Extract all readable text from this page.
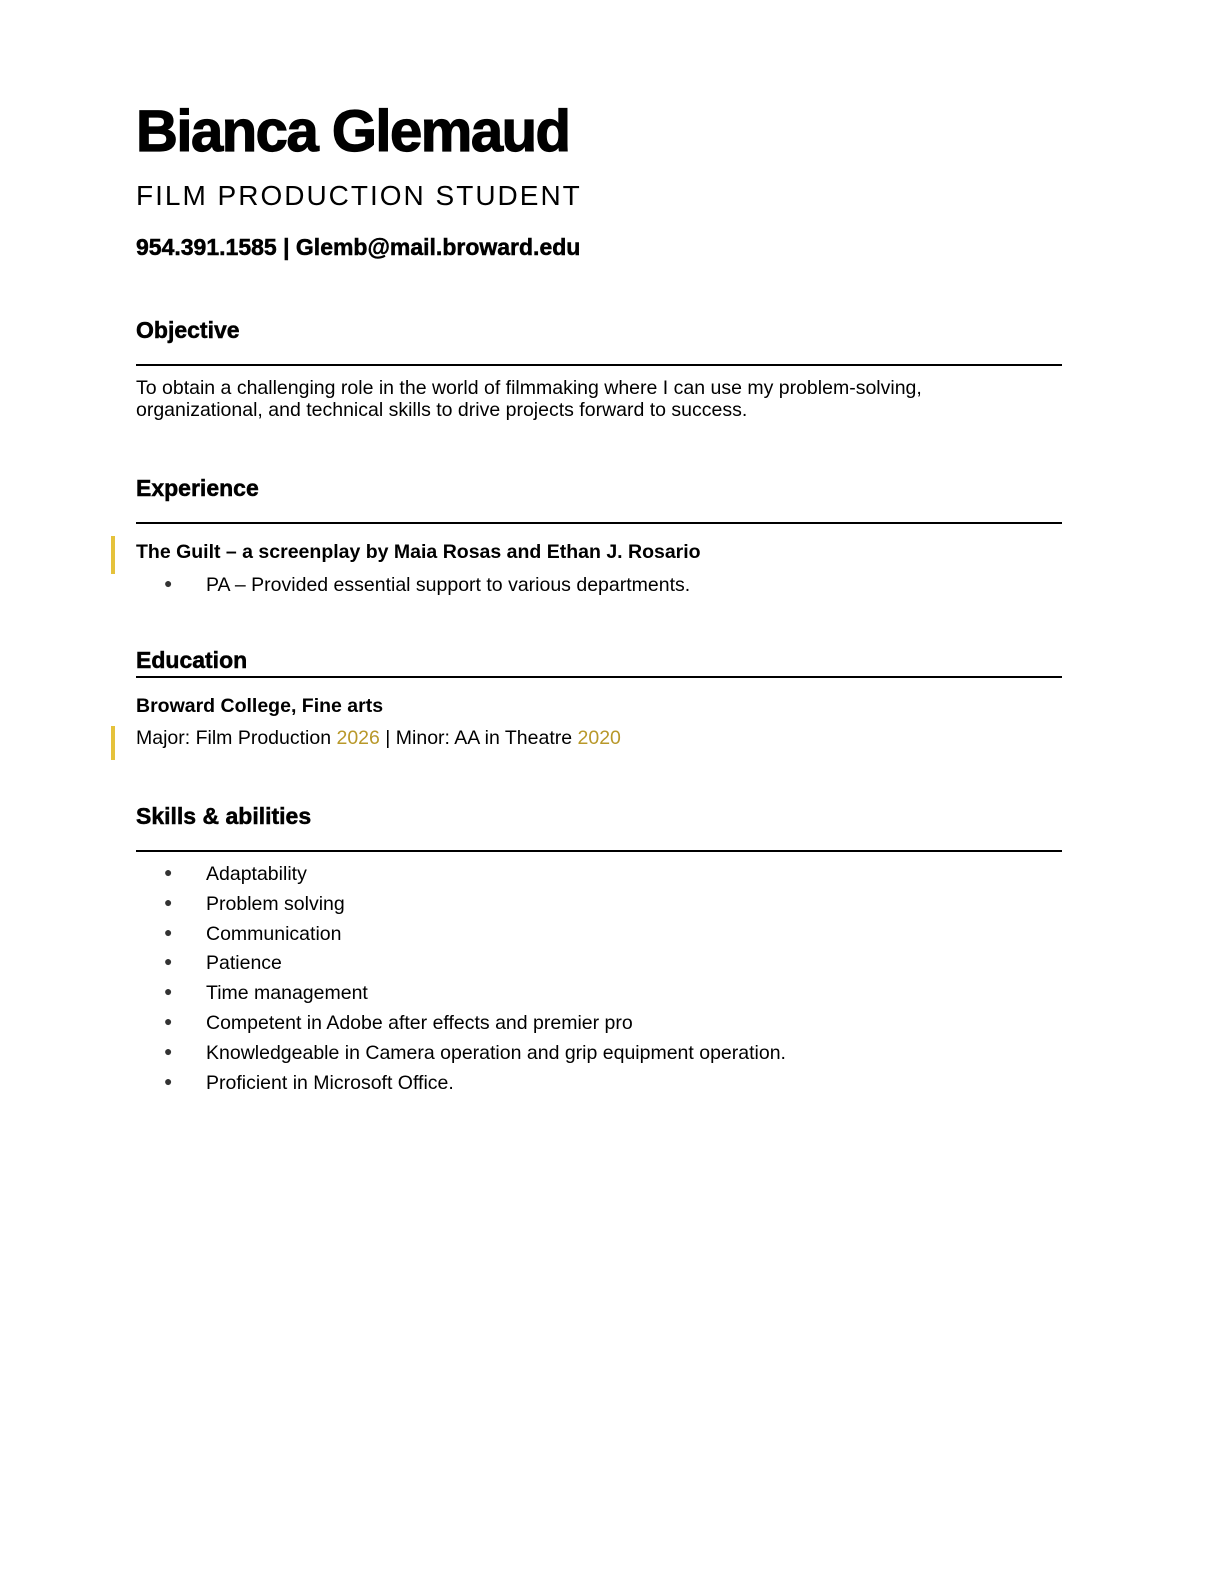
Bianca Glemaud
FILM PRODUCTION STUDENT
954.391.1585 | Glemb@mail.broward.edu
Objective
To obtain a challenging role in the world of filmmaking where I can use my problem-solving,
organizational, and technical skills to drive projects forward to success.
Experience
The Guilt – a screenplay by Maia Rosas and Ethan J. Rosario
● PA – Provided essential support to various departments.
Education
Broward College, Fine arts
Major: Film Production 2026 | Minor: AA in Theatre 2020
Skills & abilities
● Adaptability
● Problem solving
● Communication
● Patience
● Time management
● Competent in Adobe after effects and premier pro
● Knowledgeable in Camera operation and grip equipment operation.
● Proficient in Microsoft Office.
